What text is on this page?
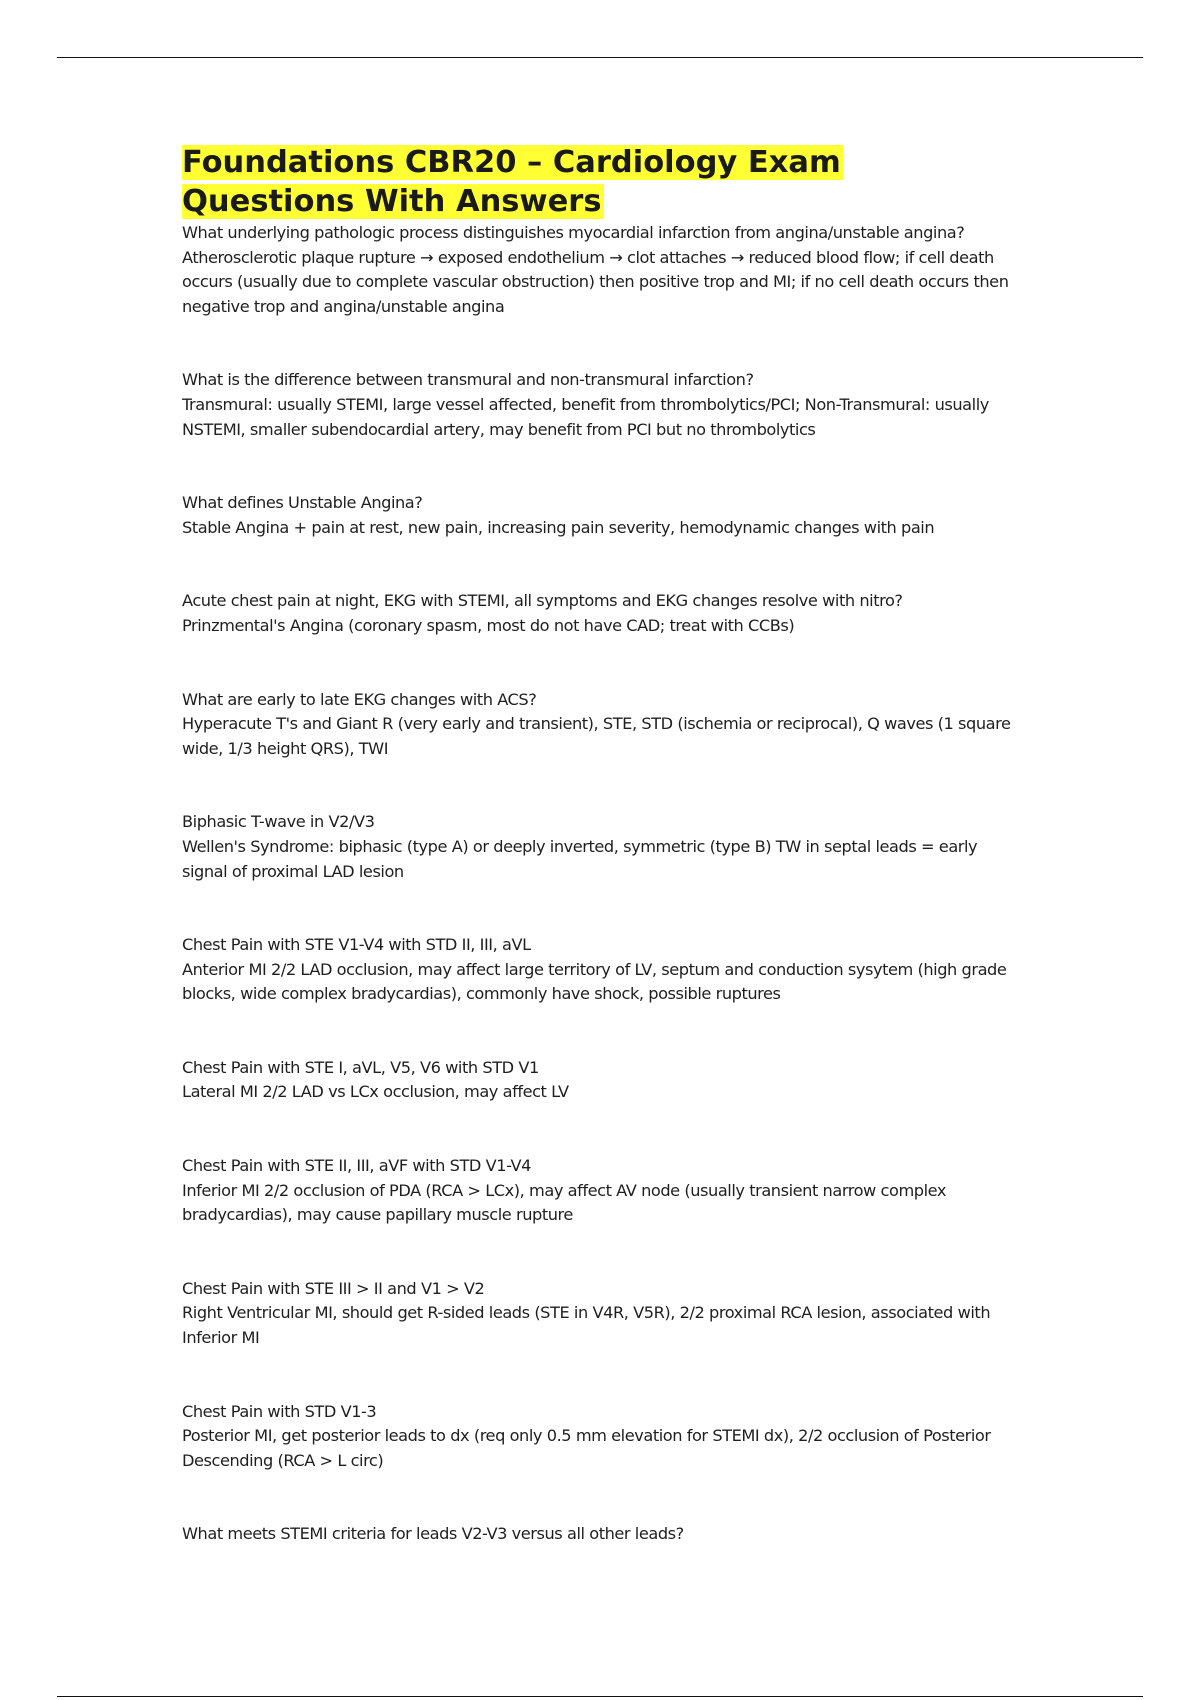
Foundations CBR20 – Cardiology Exam Questions With Answers

What underlying pathologic process distinguishes myocardial infarction from angina/unstable angina?

Atherosclerotic plaque rupture → exposed endothelium → clot attaches → reduced blood flow; if cell death occurs (usually due to complete vascular obstruction) then positive trop and MI; if no cell death occurs then negative trop and angina/unstable angina

What is the difference between transmural and non-transmural infarction?

Transmural: usually STEMI, large vessel affected, benefit from thrombolytics/PCI; Non-Transmural: usually NSTEMI, smaller subendocardial artery, may benefit from PCI but no thrombolytics

What defines Unstable Angina?

Stable Angina + pain at rest, new pain, increasing pain severity, hemodynamic changes with pain

Acute chest pain at night, EKG with STEMI, all symptoms and EKG changes resolve with nitro?

Prinzmental's Angina (coronary spasm, most do not have CAD; treat with CCBs)

What are early to late EKG changes with ACS?

Hyperacute T's and Giant R (very early and transient), STE, STD (ischemia or reciprocal), Q waves (1 square wide, 1/3 height QRS), TWI

Biphasic T-wave in V2/V3

Wellen's Syndrome: biphasic (type A) or deeply inverted, symmetric (type B) TW in septal leads = early signal of proximal LAD lesion

Chest Pain with STE V1-V4 with STD II, III, aVL

Anterior MI 2/2 LAD occlusion, may affect large territory of LV, septum and conduction sysytem (high grade blocks, wide complex bradycardias), commonly have shock, possible ruptures

Chest Pain with STE I, aVL, V5, V6 with STD V1

Lateral MI 2/2 LAD vs LCx occlusion, may affect LV

Chest Pain with STE II, III, aVF with STD V1-V4

Inferior MI 2/2 occlusion of PDA (RCA > LCx), may affect AV node (usually transient narrow complex bradycardias), may cause papillary muscle rupture

Chest Pain with STE III > II and V1 > V2

Right Ventricular MI, should get R-sided leads (STE in V4R, V5R), 2/2 proximal RCA lesion, associated with Inferior MI

Chest Pain with STD V1-3

Posterior MI, get posterior leads to dx (req only 0.5 mm elevation for STEMI dx), 2/2 occlusion of Posterior Descending (RCA > L circ)

What meets STEMI criteria for leads V2-V3 versus all other leads?
